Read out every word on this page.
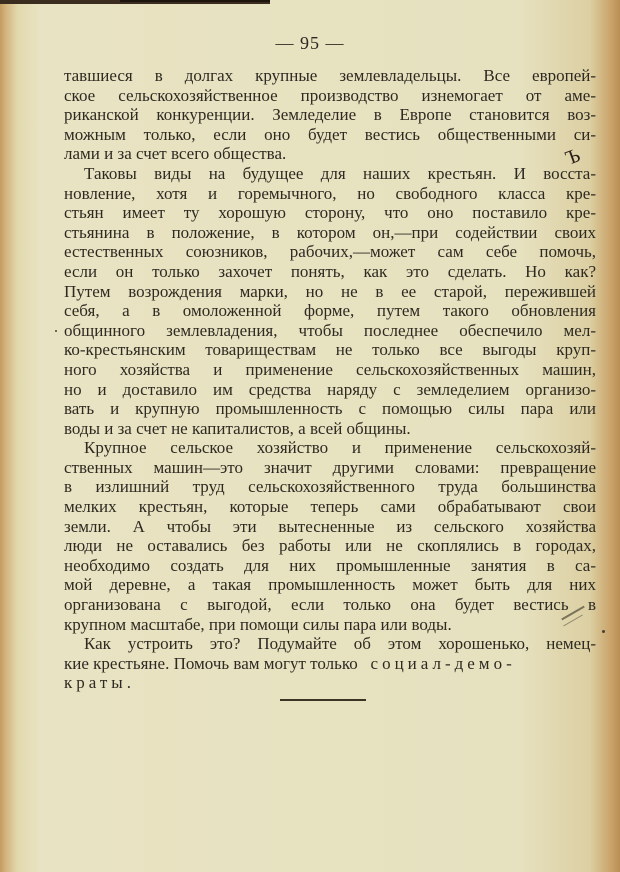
— 95 —
тавшиеся в долгах крупные землевладельцы. Все европей-
ское сельскохозяйственное производство изнемогает от аме-
риканской конкуренции. Земледелие в Европе становится воз-
можным только, если оно будет вестись общественными си-
лами и за счет всего общества.
Таковы виды на будущее для наших крестьян. И восста-
новление, хотя и горемычного, но свободного класса кре-
стьян имеет ту хорошую сторону, что оно поставило кре-
стьянина в положение, в котором он,—при содействии своих
естественных союзников, рабочих,—может сам себе помочь,
если он только захочет понять, как это сделать. Но как?
Путем возрождения марки, но не в ее старой, пережившей
себя, а в омоложенной форме, путем такого обновления
общинного землевладения, чтобы последнее обеспечило мел-
ко-крестьянским товариществам не только все выгоды круп-
ного хозяйства и применение сельскохозяйственных машин,
но и доставило им средства наряду с земледелием организо-
вать и крупную промышленность с помощью силы пара или
воды и за счет не капиталистов, а всей общины.
Крупное сельское хозяйство и применение сельскохозяй-
ственных машин—это значит другими словами: превращение
в излишний труд сельскохозяйственного труда большинства
мелких крестьян, которые теперь сами обрабатывают свои
земли. А чтобы эти вытесненные из сельского хозяйства
люди не оставались без работы или не скоплялись в городах,
необходимо создать для них промышленные занятия в са-
мой деревне, а такая промышленность может быть для них
организована с выгодой, если только она будет вестись в
крупном масштабе, при помощи силы пара или воды.
Как устроить это? Подумайте об этом хорошенько, немец-
кие крестьяне. Помочь вам могут только социал-демо-
краты.
Ъ
